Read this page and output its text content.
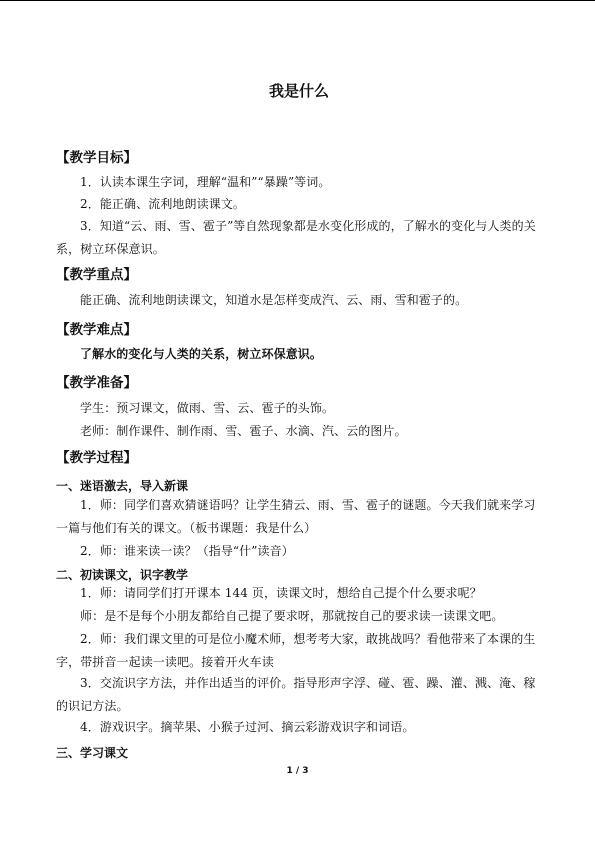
我是什么
【教学目标】

1．认读本课生字词，理解“温和”“暴躁”等词。

2．能正确、流利地朗读课文。

3．知道“云、雨、雪、雹子”等自然现象都是水变化形成的，了解水的变化与人类的关系，树立环保意识。

【教学重点】

能正确、流利地朗读课文，知道水是怎样变成汽、云、雨、雪和雹子的。

【教学难点】

了解水的变化与人类的关系，树立环保意识。

【教学准备】

学生：预习课文，做雨、雪、云、雹子的头饰。

老师：制作课件、制作雨、雪、雹子、水滴、汽、云的图片。

【教学过程】
一、迷语激去，导入新课

1．师：同学们喜欢猜谜语吗？让学生猜云、雨、雪、雹子的谜题。今天我们就来学习一篇与他们有关的课文。（板书课题：我是什么）

2．师：谁来读一读？（指导“什”读音）

二、初读课文，识字教学

1．师：请同学们打开课本 144 页，读课文时，想给自己提个什么要求呢？

师：是不是每个小朋友都给自己提了要求呀，那就按自己的要求读一读课文吧。

2．师：我们课文里的可是位小魔术师，想考考大家，敢挑战吗？看他带来了本课的生字，带拼音一起读一读吧。接着开火车读

3．交流识字方法，并作出适当的评价。指导形声字浮、碰、雹、躁、灌、溅、淹、稼的识记方法。

4．游戏识字。摘苹果、小猴子过河、摘云彩游戏识字和词语。

三、学习课文
1 / 3
